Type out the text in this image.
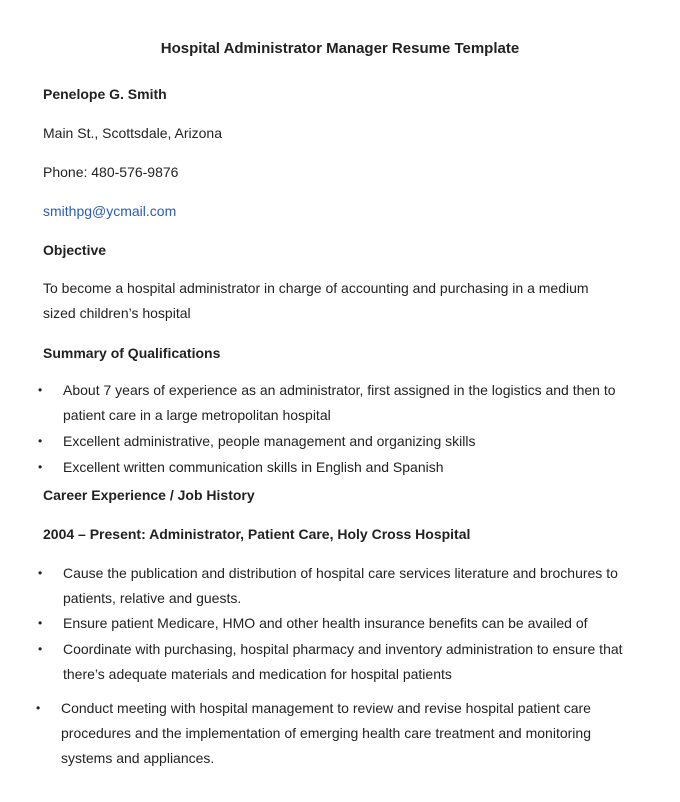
Hospital Administrator Manager Resume Template
Penelope G. Smith
Main St., Scottsdale, Arizona
Phone: 480-576-9876
smithpg@ycmail.com
Objective
To become a hospital administrator in charge of accounting and purchasing in a medium sized children’s hospital
Summary of Qualifications
•	About 7 years of experience as an administrator, first assigned in the logistics and then to patient care in a large metropolitan hospital
•	Excellent administrative, people management and organizing skills
•	Excellent written communication skills in English and Spanish
Career Experience / Job History
2004 – Present: Administrator, Patient Care, Holy Cross Hospital
•	Cause the publication and distribution of hospital care services literature and brochures to patients, relative and guests.
•	Ensure patient Medicare, HMO and other health insurance benefits can be availed of
•	Coordinate with purchasing, hospital pharmacy and inventory administration to ensure that there’s adequate materials and medication for hospital patients
•	Conduct meeting with hospital management to review and revise hospital patient care procedures and the implementation of emerging health care treatment and monitoring systems and appliances.
